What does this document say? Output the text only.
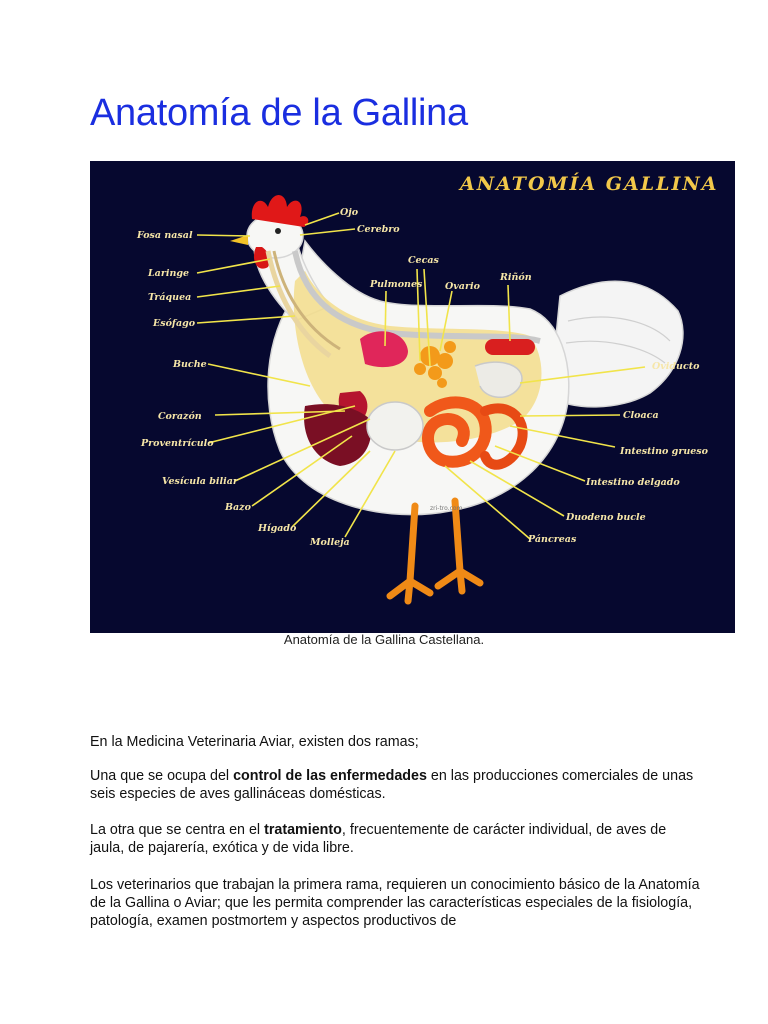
Anatomía de la Gallina
zri-tro.com
ANATOMÍA GALLINA
Ojo
Cerebro
Fosa nasal
Laringe
Tráquea
Esófago
Buche
Corazón
Proventrículo
Vesícula biliar
Bazo
Hígado
Molleja
Cecas
Pulmones Ovario
Riñón
Oviducto
Cloaca
Intestino grueso
Intestino delgado
Duodeno bucle
Páncreas
Anatomía de la Gallina Castellana.

En la Medicina Veterinaria Aviar, existen dos ramas;

Una que se ocupa del control de las enfermedades en las producciones comerciales de unas seis especies de aves gallináceas domésticas.

La otra que se centra en el tratamiento, frecuentemente de carácter individual, de aves de jaula, de pajarería, exótica y de vida libre.

Los veterinarios que trabajan la primera rama, requieren un conocimiento básico de la Anatomía de la Gallina o Aviar; que les permita comprender las características especiales de la fisiología, patología, examen postmortem y aspectos productivos de
